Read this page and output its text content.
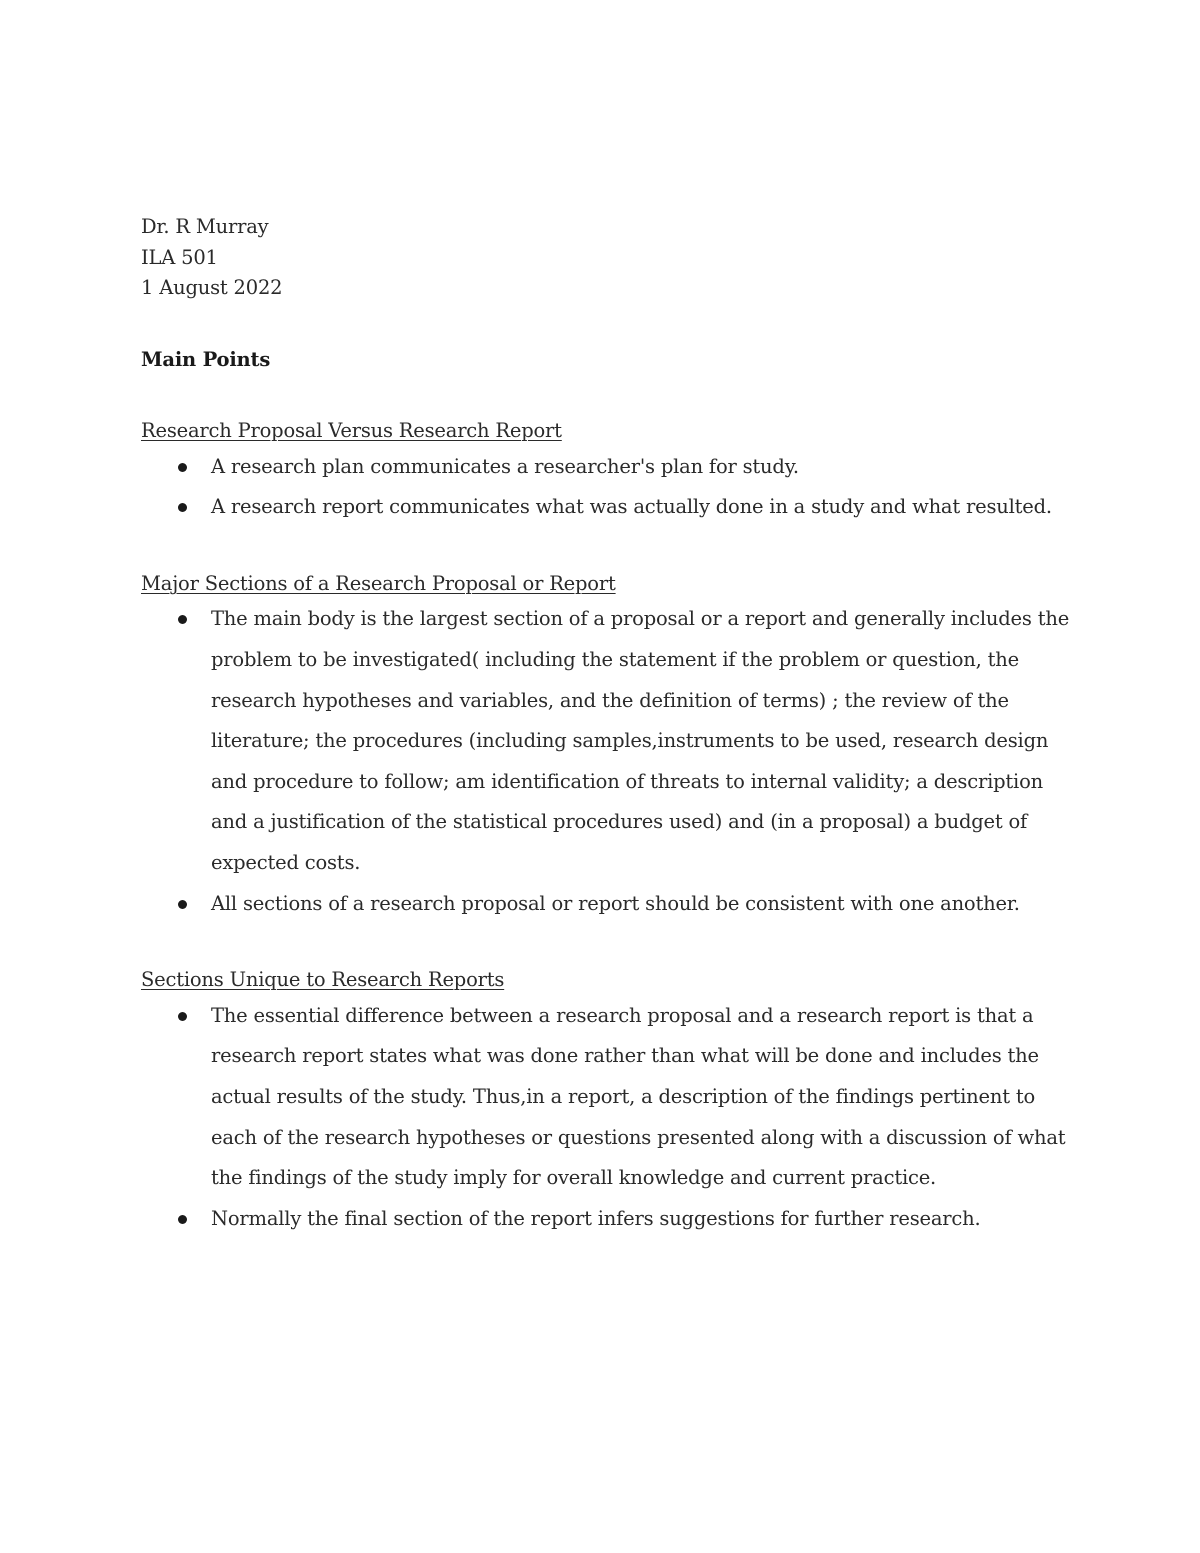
Dr. R Murray

ILA 501

1 August 2022

Main Points

Research Proposal Versus Research Report

A research plan communicates a researcher's plan for study.
A research report communicates what was actually done in a study and what resulted.

Major Sections of a Research Proposal or Report

The main body is the largest section of a proposal or a report and generally includes the problem to be investigated( including the statement if the problem or question, the research hypotheses and variables, and the definition of terms) ; the review of the literature; the procedures (including samples,instruments to be used, research design and procedure to follow; am identification of threats to internal validity; a description and a justification of the statistical procedures used) and (in a proposal) a budget of expected costs.
All sections of a research proposal or report should be consistent with one another.

Sections Unique to Research Reports

The essential difference between a research proposal and a research report is that a research report states what was done rather than what will be done and includes the actual results of the study. Thus,in a report, a description of the findings pertinent to each of the research hypotheses or questions presented along with a discussion of what the findings of the study imply for overall knowledge and current practice.
Normally the final section of the report infers suggestions for further research.
